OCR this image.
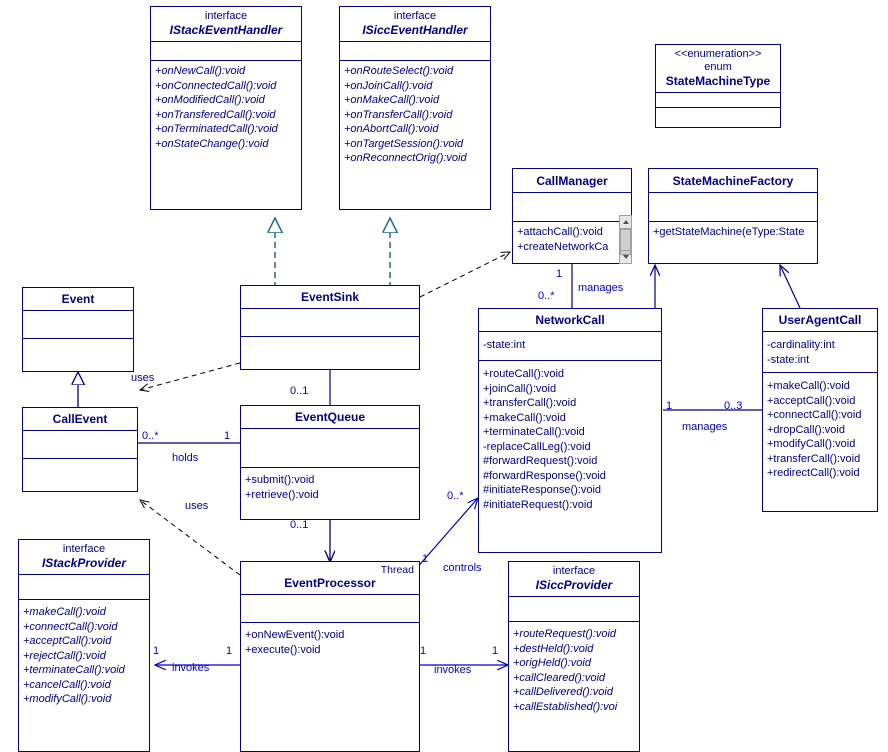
interface
IStackEventHandler
+onNewCall():void
+onConnectedCall():void
+onModifiedCall():void
+onTransferedCall():void
+onTerminatedCall():void
+onStateChange():void
interface
ISiccEventHandler
+onRouteSelect():void
+onJoinCall():void
+onMakeCall():void
+onTransferCall():void
+onAbortCall():void
+onTargetSession():void
+onReconnectOrig():void
<<enumeration>>
enum
StateMachineType
CallManager
+attachCall():void
+createNetworkCa
StateMachineFactory
+getStateMachine(eType:State
Event	EventSink
NetworkCall
-state:int
+routeCall():void
+joinCall():void
+transferCall():void
+makeCall():void
+terminateCall():void
-replaceCallLeg():void
#forwardRequest():void
#forwardResponse():void
#initiateResponse():void
#initiateRequest():void
UserAgentCall
-cardinality:int
-state:int
+makeCall():void
+acceptCall():void
+connectCall():void
+dropCall():void
+modifyCall():void
+transferCall():void
+redirectCall():void
CallEvent	EventQueue
+submit():void
+retrieve():void
interface
IStackProvider
+makeCall():void
+connectCall():void
+acceptCall():void
+rejectCall():void
+terminateCall():void
+cancelCall():void
+modifyCall():void
Thread
EventProcessor
+onNewEvent():void
+execute():void
interface
ISiccProvider
+routeRequest():void
+destHeld():void
+origHeld():void
+callCleared():void
+callDelivered():void
+callEstablished():voi
uses
uses
holds
manages
manages
controls
invokes	invokes
1
0..*
0..*	1
0..1
0..1
1	0..3
0..*
1
1	1	1	1
